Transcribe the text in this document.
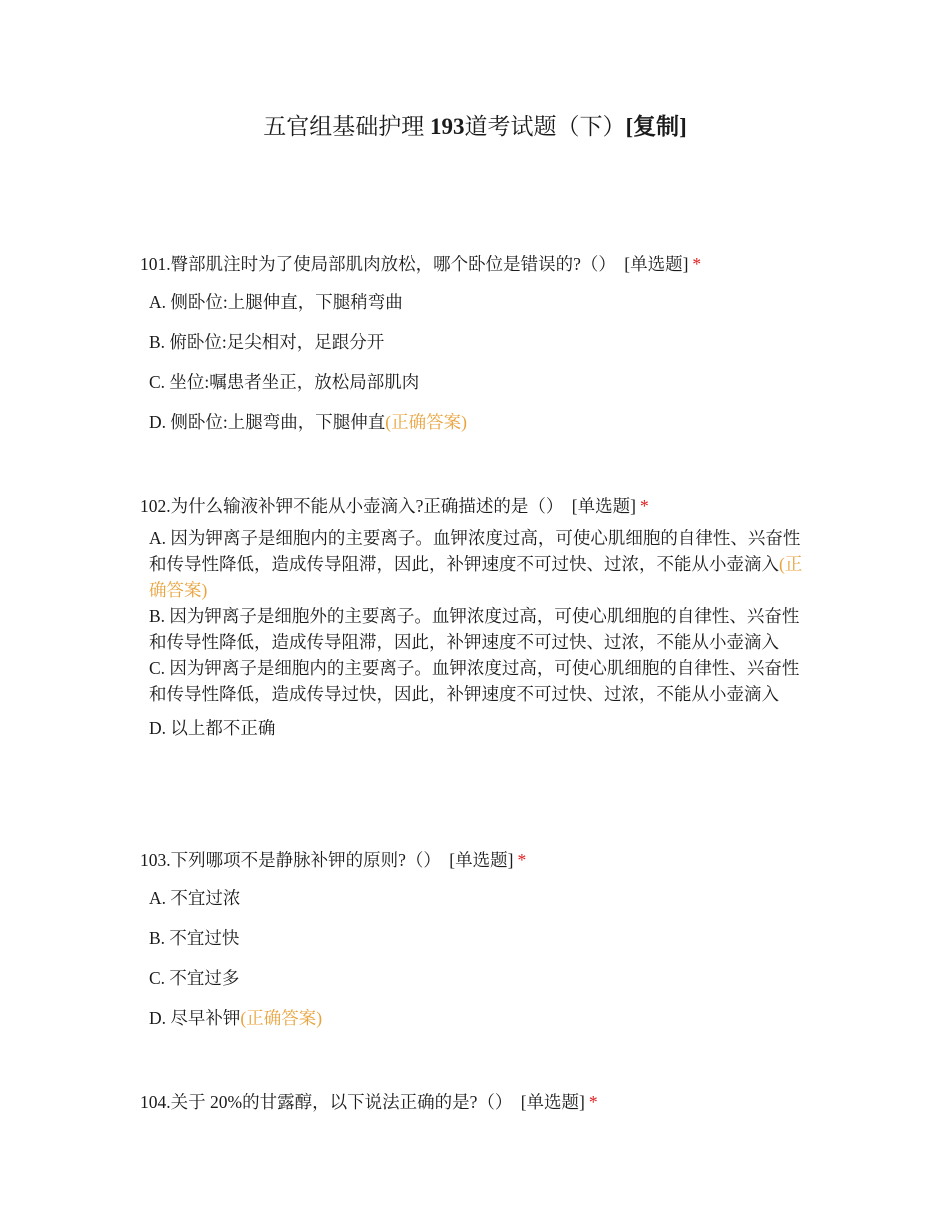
五官组基础护理 193道考试题（下）[复制]
101.臀部肌注时为了使局部肌肉放松，哪个卧位是错误的?（） [单选题] *
A. 侧卧位:上腿伸直，下腿稍弯曲
B. 俯卧位:足尖相对，足跟分开
C. 坐位:嘱患者坐正，放松局部肌肉
D. 侧卧位:上腿弯曲，下腿伸直(正确答案)
102.为什么输液补钾不能从小壶滴入?正确描述的是（） [单选题] *
A. 因为钾离子是细胞内的主要离子。血钾浓度过高，可使心肌细胞的自律性、兴奋性和传导性降低，造成传导阻滞，因此，补钾速度不可过快、过浓，不能从小壶滴入(正确答案)
B. 因为钾离子是细胞外的主要离子。血钾浓度过高，可使心肌细胞的自律性、兴奋性和传导性降低，造成传导阻滞，因此，补钾速度不可过快、过浓，不能从小壶滴入
C. 因为钾离子是细胞内的主要离子。血钾浓度过高，可使心肌细胞的自律性、兴奋性和传导性降低，造成传导过快，因此，补钾速度不可过快、过浓，不能从小壶滴入
D. 以上都不正确
103.下列哪项不是静脉补钾的原则?（） [单选题] *
A. 不宜过浓
B. 不宜过快
C. 不宜过多
D. 尽早补钾(正确答案)
104.关于 20%的甘露醇，以下说法正确的是?（） [单选题] *
